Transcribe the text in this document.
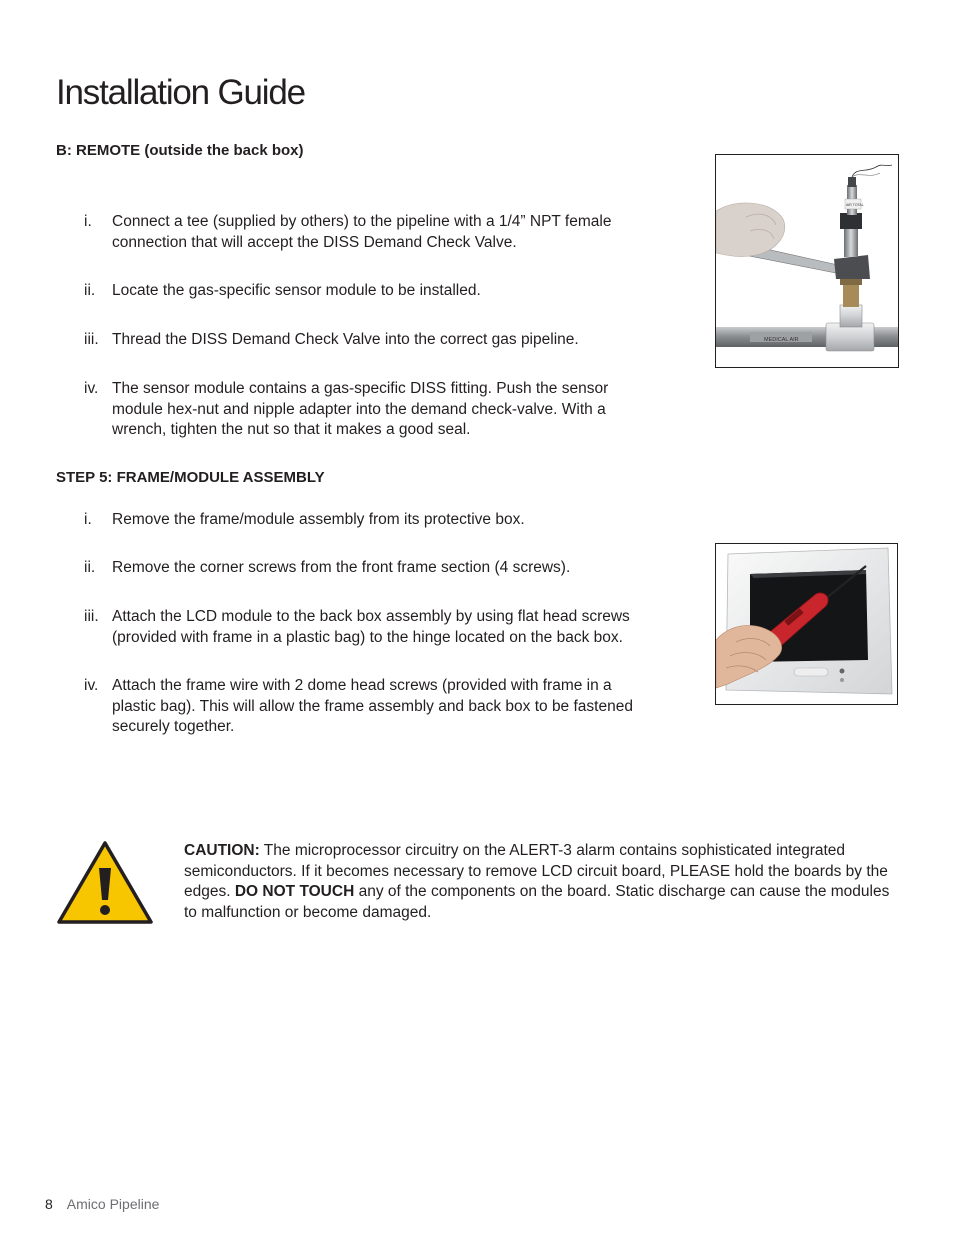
Installation Guide
B: REMOTE (outside the back box)
i. Connect a tee (supplied by others) to the pipeline with a 1/4” NPT female connection that will accept the DISS Demand Check Valve.
ii. Locate the gas-specific sensor module to be installed.
iii. Thread the DISS Demand Check Valve into the correct gas pipeline.
iv. The sensor module contains a gas-specific DISS fitting. Push the sensor module hex-nut and nipple adapter into the demand check-valve. With a wrench, tighten the nut so that it makes a good seal.
MEDICAL AIR
AIR TOTAL
STEP 5: FRAME/MODULE ASSEMBLY
i. Remove the frame/module assembly from its protective box.
ii. Remove the corner screws from the front frame section (4 screws).
iii. Attach the LCD module to the back box assembly by using flat head screws (provided with frame in a plastic bag) to the hinge located on the back box.
iv. Attach the frame wire with 2 dome head screws (provided with frame in a plastic bag). This will allow the frame assembly and back box to be fastened securely together.
CAUTION: The microprocessor circuitry on the ALERT-3 alarm contains sophisticated integrated semiconductors. If it becomes necessary to remove LCD circuit board, PLEASE hold the boards by the edges. DO NOT TOUCH any of the components on the board. Static discharge can cause the modules to malfunction or become damaged.
8 Amico Pipeline
